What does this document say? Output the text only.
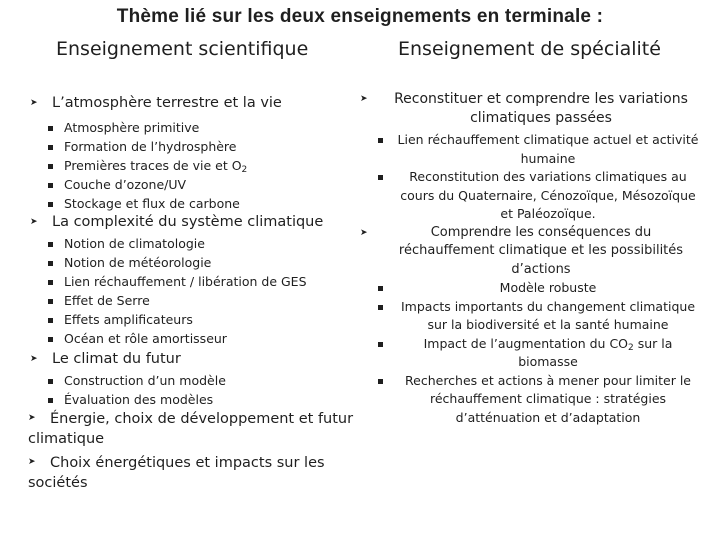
Thème lié sur les deux enseignements en terminale :
Enseignement scientifique	Enseignement de spécialité
➤ L’atmosphère terrestre et la vie
Atmosphère primitive
Formation de l’hydrosphère
Premières traces de vie et $O_2$
Couche d’ozone/UV
Stockage et flux de carbone
➤ La complexité du système climatique
Notion de climatologie
Notion de météorologie
Lien réchauffement / libération de GES
Effet de Serre
Effets amplificateurs
Océan et rôle amortisseur
➤ Le climat du futur
Construction d’un modèle
Évaluation des modèles
➤ Énergie, choix de développement et futur climatique
➤ Choix énergétiques et impacts sur les sociétés
➤	Reconstituer et comprendre les variations climatiques passées
Lien réchauffement climatique actuel et activité humaine
Reconstitution des variations climatiques au cours du Quaternaire, Cénozoïque, Mésozoïque et Paléozoïque.
➤	Comprendre les conséquences du réchauffement climatique et les possibilités d’actions
Modèle robuste
Impacts importants du changement climatique sur la biodiversité et la santé humaine
Impact de l’augmentation du $CO_2$ sur la biomasse
Recherches et actions à mener pour limiter le réchauffement climatique : stratégies d’atténuation et d’adaptation
